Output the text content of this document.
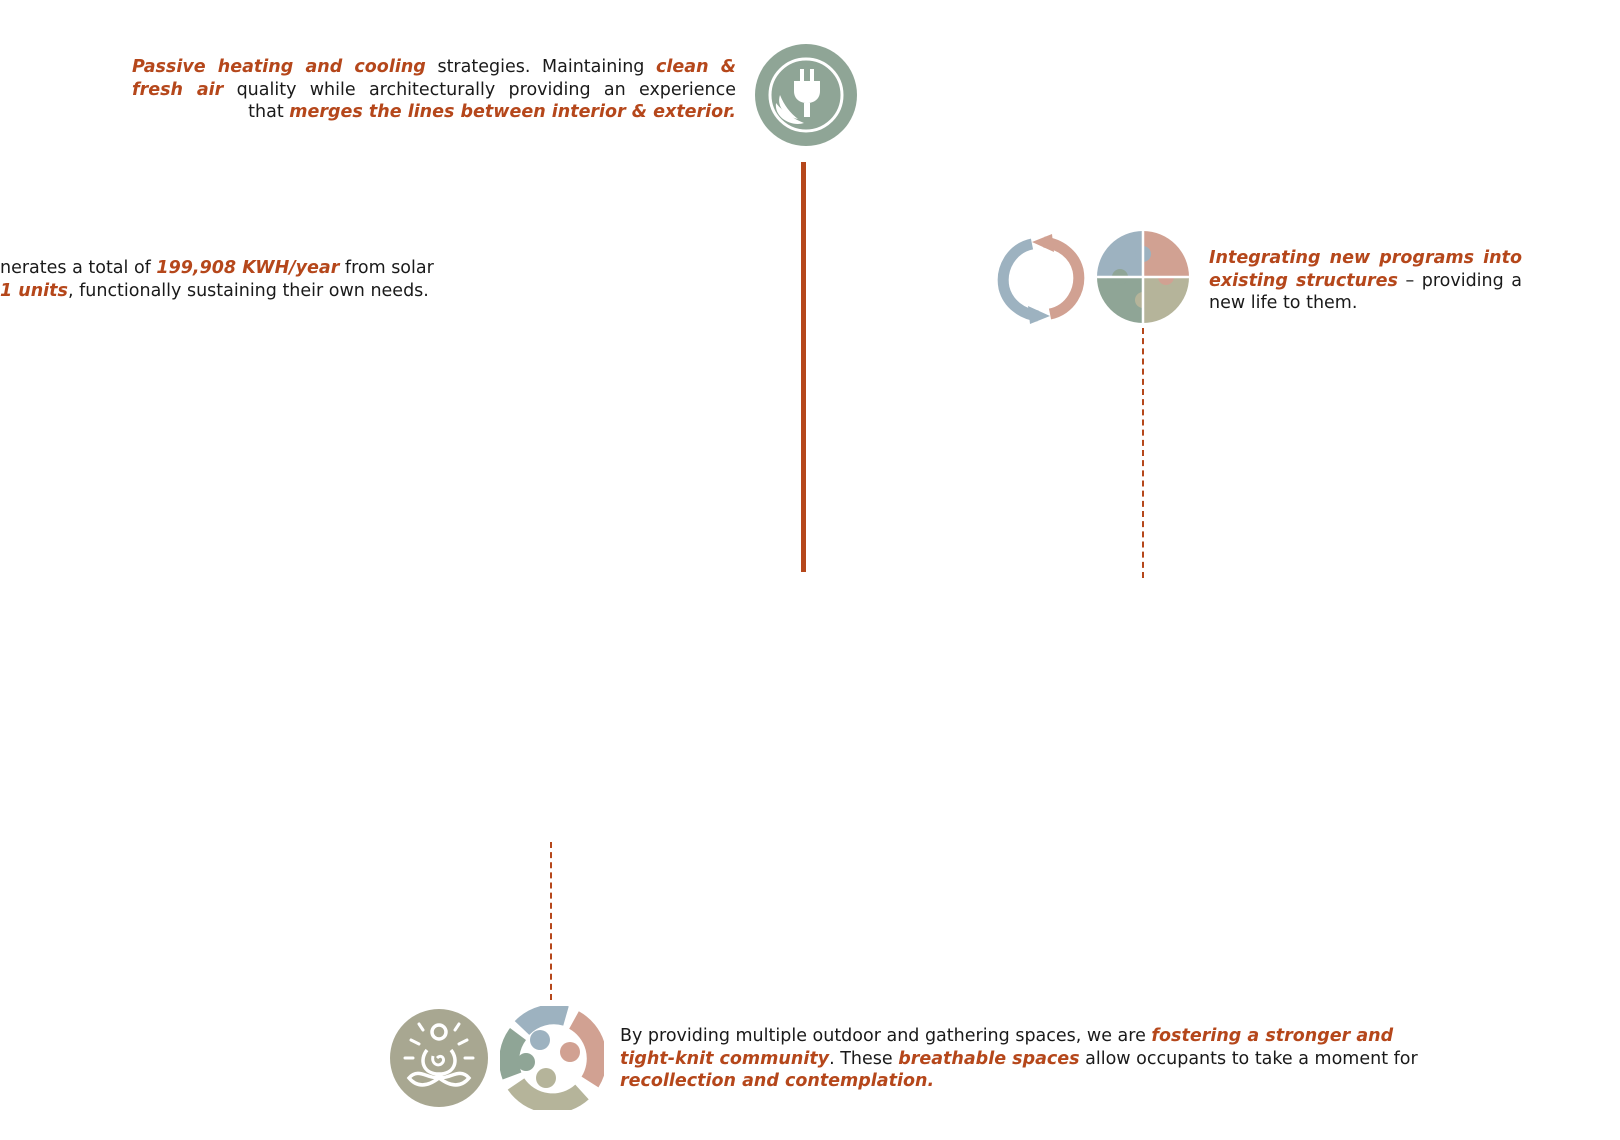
Passive heating and cooling strategies. Maintaining clean &
fresh air quality while architecturally providing an experience
that merges the lines between interior & exterior.
nerates a total of 199,908 KWH/year from solar
1 units, functionally sustaining their own needs.
Integrating new programs into
existing structures – providing a
new life to them.
By providing multiple outdoor and gathering spaces, we are fostering a stronger and
tight-knit community. These breathable spaces allow occupants to take a moment for
recollection and contemplation.
